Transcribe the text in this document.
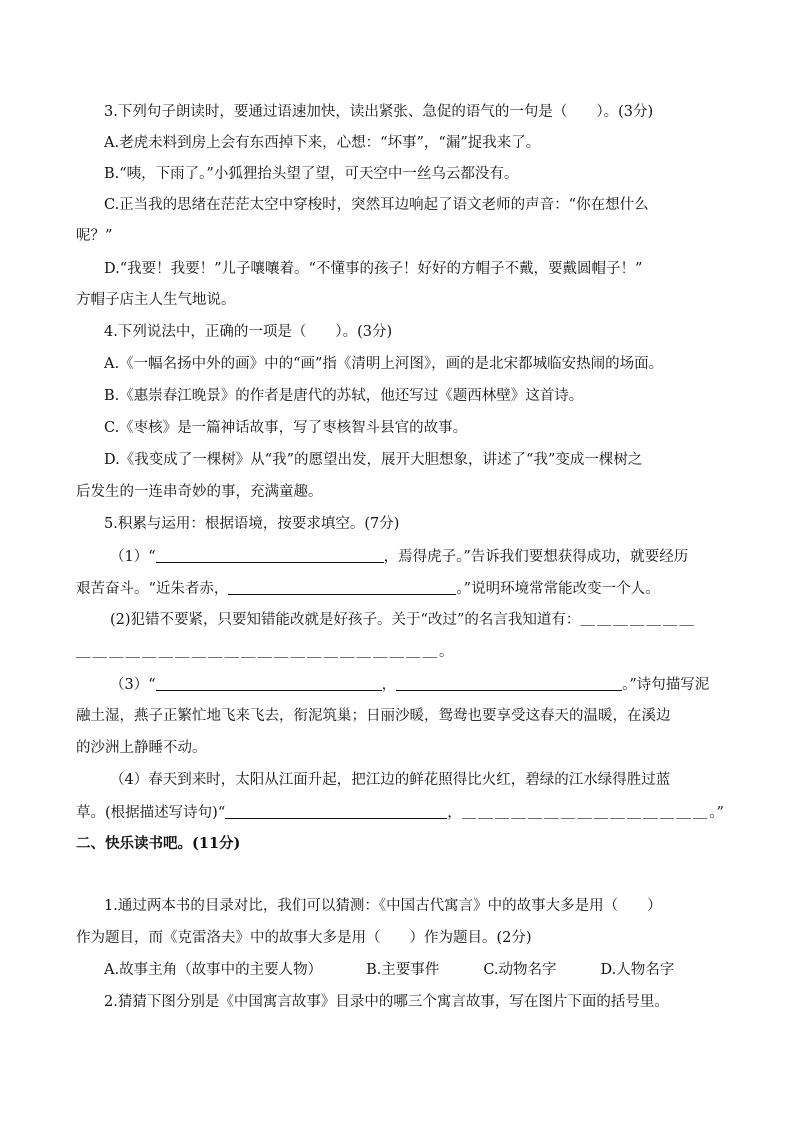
3.下列句子朗读时，要通过语速加快，读出紧张、急促的语气的一句是（　　）。(3分)
A.老虎未料到房上会有东西掉下来，心想：“坏事”，“漏”捉我来了。
B.“咦，下雨了。”小狐狸抬头望了望，可天空中一丝乌云都没有。
C.正当我的思绪在茫茫太空中穿梭时，突然耳边响起了语文老师的声音：“你在想什么
呢？”
D.“我要！我要！”儿子嚷嚷着。“不懂事的孩子！好好的方帽子不戴，要戴圆帽子！”
方帽子店主人生气地说。
4.下列说法中，正确的一项是（　　）。(3分)
A.《一幅名扬中外的画》中的“画”指《清明上河图》，画的是北宋都城临安热闹的场面。
B.《惠崇春江晚景》的作者是唐代的苏轼，他还写过《题西林壁》这首诗。
C.《枣核》是一篇神话故事，写了枣核智斗县官的故事。
D.《我变成了一棵树》从“我”的愿望出发，展开大胆想象，讲述了“我”变成一棵树之
后发生的一连串奇妙的事，充满童趣。
5.积累与运用：根据语境，按要求填空。(7分)
（1）“	，焉得虎子。”告诉我们要想获得成功，就要经历
艰苦奋斗。“近朱者赤，	。”说明环境常常能改变一个人。
(2)犯错不要紧，只要知错能改就是好孩子。关于“改过”的名言我知道有：＿＿＿＿＿＿＿
＿＿＿＿＿＿＿＿＿＿＿＿＿＿＿＿＿＿＿＿＿＿。
（3）“	，	。”诗句描写泥
融土湿，燕子正繁忙地飞来飞去，衔泥筑巢；日丽沙暖，鸳鸯也要享受这春天的温暖，在溪边
的沙洲上静睡不动。
（4）春天到来时，太阳从江面升起，把江边的鲜花照得比火红，碧绿的江水绿得胜过蓝
草。(根据描述写诗句)“	，＿＿＿＿＿＿＿＿＿＿＿＿＿＿＿。”
二、快乐读书吧。(11分)
1.通过两本书的目录对比，我们可以猜测：《中国古代寓言》中的故事大多是用（　　）
作为题目，而《克雷洛夫》中的故事大多是用（　　）作为题目。(2分)
A.故事主角（故事中的主要人物）	B.主要事件	C.动物名字	D.人物名字
2.猜猜下图分别是《中国寓言故事》目录中的哪三个寓言故事，写在图片下面的括号里。
